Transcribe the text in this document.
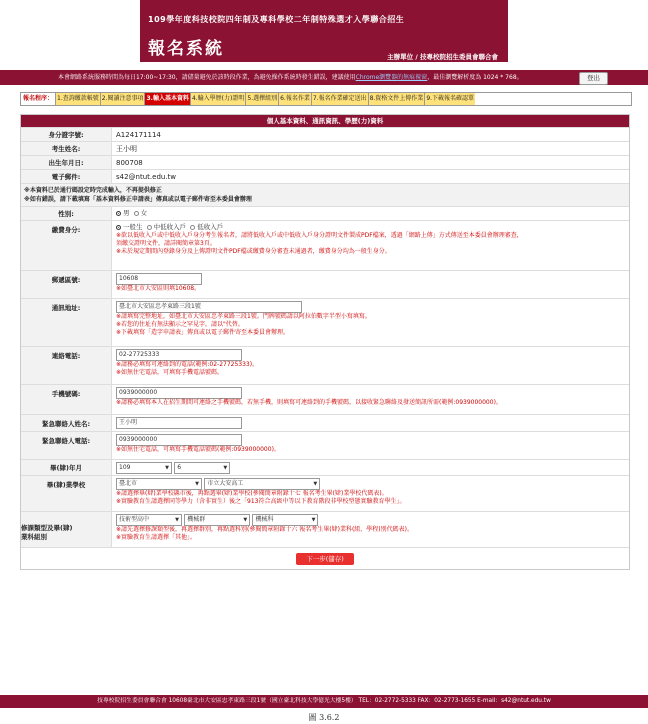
109學年度科技校院四年制及專科學校二年制特殊選才入學聯合招生
報名系統	主辦單位 / 技專校院招生委員會聯合會
本會網路系統服務時間為每日17:00~17:30，請儘量避免於該時段作業，為避免操作系統時發生錯誤，建議使用Chrome瀏覽器的無痕視窗，最佳瀏覽解析度為 1024 * 768。	登出
報名程序： 1.查詢繳款帳號 2.閱讀注意事項 3.輸入基本資料 4.輸入學歷(力)證明 5.選擇組別 6.報名作業 7.報名作業確定送出 8.資格文件上傳作業 9.下載報名確認單
個人基本資料、通訊資訊、學歷(力)資料
身分證字號:	A124171114
考生姓名:	王小明
出生年月日:	800708
電子郵件:	s42@ntut.edu.tw
※本資料已於通行碼設定時完成輸入，不再提供修正
※如有錯誤，請下載填寫「基本資料修正申請表」傳真或以電子郵件寄至本委員會辦理
性別:	男
女
繳費身分:	一般生 中低收入戶 低收入戶
※欲以低收入戶或中低收入戶身分考生報名者，請將低收入戶或中低收入戶身分證明文件製成PDF檔案，透過「網路上傳」方式傳送至本委員會辦理審查，
須繳交證明文件，請詳閱簡章第3頁。
※未於規定期間內登錄身分及上傳證明文件PDF檔或繳費身分審查未通過者，繳費身分均為一般生身分。
郵遞區號:	10608
※如臺北市大安區則填10608。
通訊地址:	臺北市大安區忠孝東路三段1號
※請填寫完整地址，如臺北市大安區忠孝東路三段1號。門牌號碼請以阿拉伯數字半型小寫填寫。
※若您的住址有無法顯示之罕見字，請以"代替。
※下載填寫「造字申請表」傳真或以電子郵件寄至本委員會辦理。
連絡電話:	02-27725333
※請務必填寫可連絡到的電話(範例:02-27725333)。
※如無住宅電話，可填寫手機電話號碼。
手機號碼:	0939000000
※請務必填寫本人在招生期間可連絡之手機號碼，若無手機，則填寫可連絡到的手機號碼，以接收緊急聯絡及發送簡訊所需(範例:0939000000)。
緊急聯絡人姓名:	王小明
緊急聯絡人電話:	0939000000
※如無住宅電話，可填寫手機電話號碼(範例:0939000000)。
畢(肄)年月	109	▼
	6	▼
畢(肄)業學校	臺北市	▼ 市立大安高工	▼
※請選擇畢(肄)業學校縣市後，再點選畢(肄)業學校(參閱簡章附錄十七 報名考生畢(肄)業學校代碼表)。
※實驗教育生請選擇同等學力（含非實生）後之「913符合高級中等以下教育階段非學校型態實驗教育學生」。
修課類型及畢(肄)
業科組別
技術型高中	▼ 機械群	▼ 機械科	▼
※請先選擇修課類型後，再選擇群別，再點選科別(參閱簡章附錄十六 報名考生畢(肄)業科(組、學程)別代碼表)。
※實驗教育生請選擇「其他」。
下一步(儲存)
技專校院招生委員會聯合會 10608臺北市大安區忠孝東路三段1號（國立臺北科技大學億光大樓5樓） TEL：02-2772-5333 FAX：02-2773-1655 E-mail：s42@ntut.edu.tw
圖 3.6.2
